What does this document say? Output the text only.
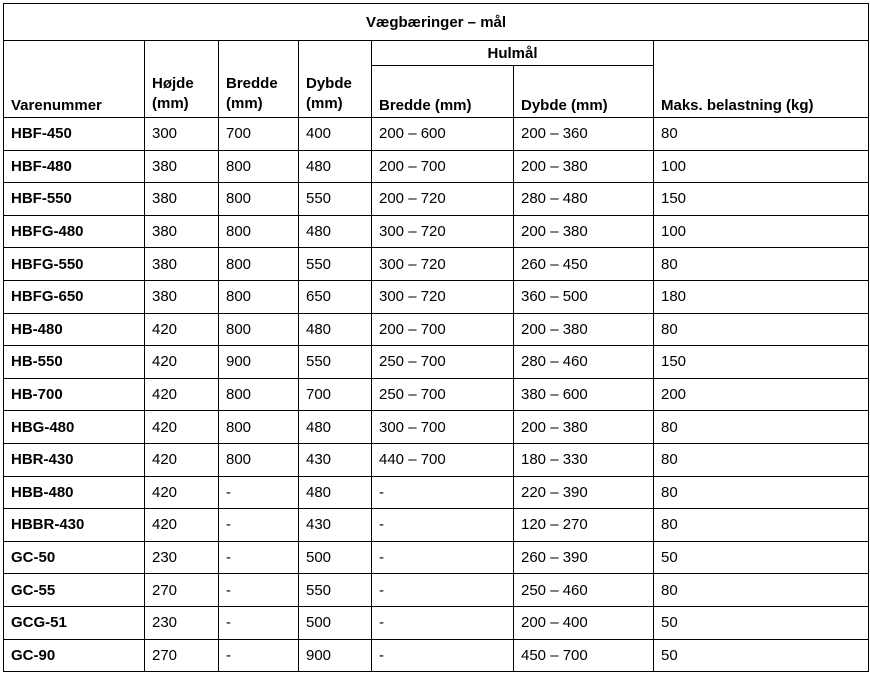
Vægbæringer – mål						
Varenummer	Højde (mm)	Bredde (mm)	Dybde (mm)	Hulmål		Maks. belastning (kg)
				Bredde (mm)	Dybde (mm)	
HBF-450	300	700	400	200 – 600	200 – 360	80
HBF-480	380	800	480	200 – 700	200 – 380	100
HBF-550	380	800	550	200 – 720	280 – 480	150
HBFG-480	380	800	480	300 – 720	200 – 380	100
HBFG-550	380	800	550	300 – 720	260 – 450	80
HBFG-650	380	800	650	300 – 720	360 – 500	180
HB-480	420	800	480	200 – 700	200 – 380	80
HB-550	420	900	550	250 – 700	280 – 460	150
HB-700	420	800	700	250 – 700	380 – 600	200
HBG-480	420	800	480	300 – 700	200 – 380	80
HBR-430	420	800	430	440 – 700	180 – 330	80
HBB-480	420	-	480	-	220 – 390	80
HBBR-430	420	-	430	-	120 – 270	80
GC-50	230	-	500	-	260 – 390	50
GC-55	270	-	550	-	250 – 460	80
GCG-51	230	-	500	-	200 – 400	50
GC-90	270	-	900	-	450 – 700	50
